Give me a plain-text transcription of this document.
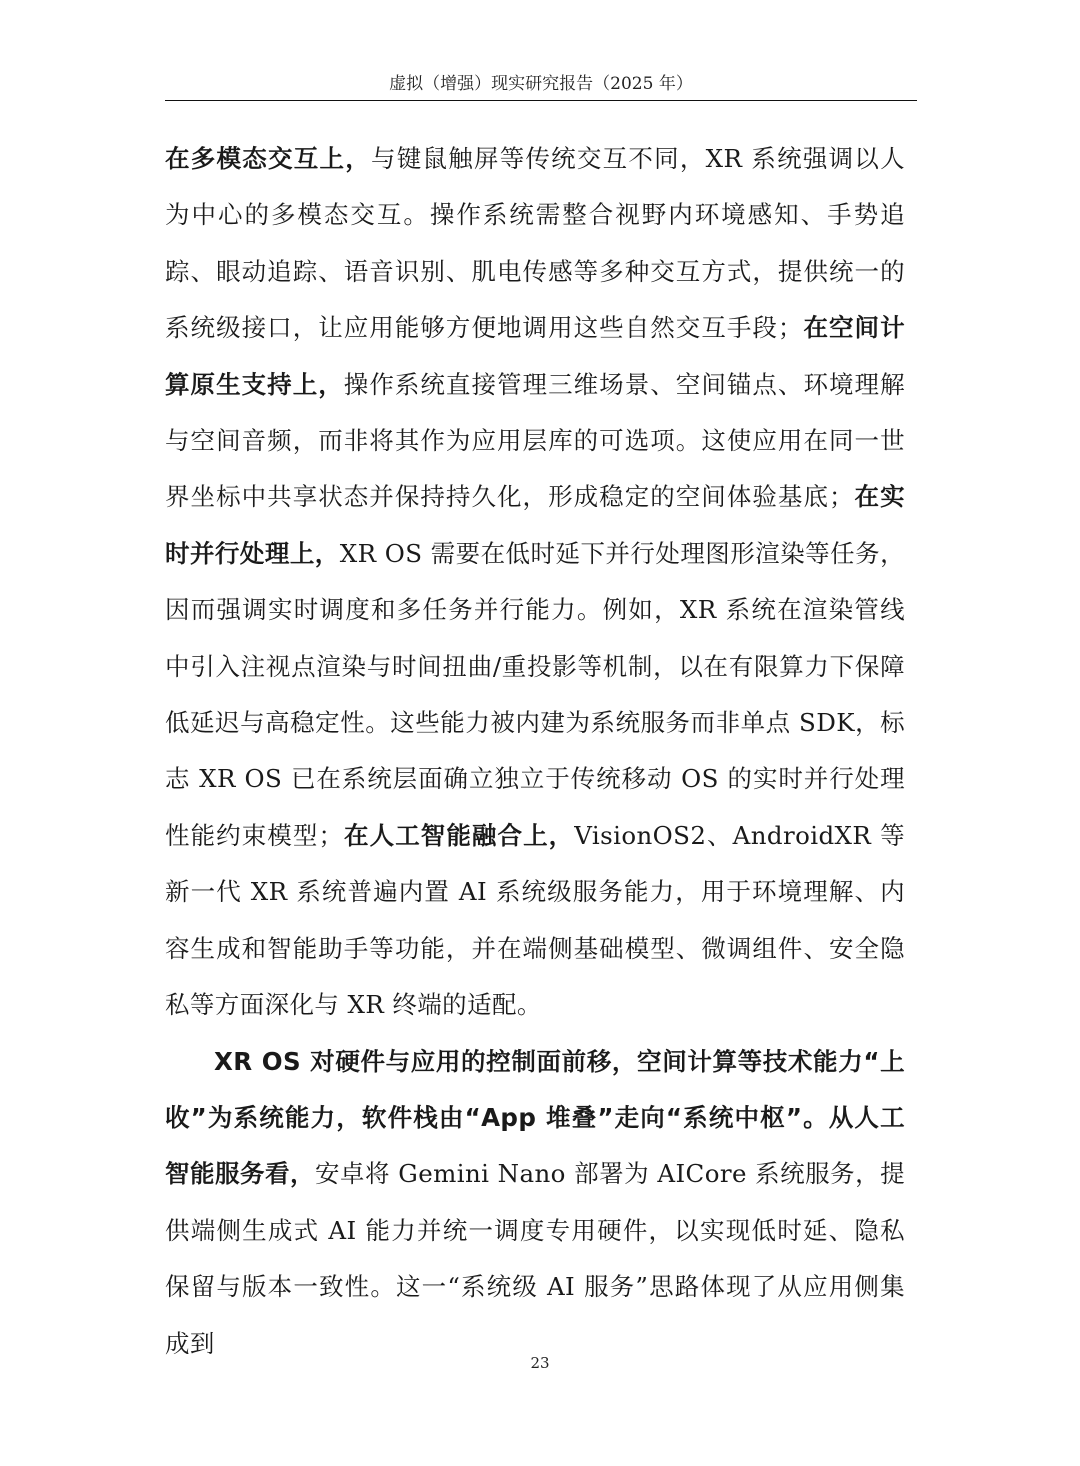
虚拟（增强）现实研究报告（2025 年）

在多模态交互上，与键鼠触屏等传统交互不同，XR 系统强调以人为中心的多模态交互。操作系统需整合视野内环境感知、手势追踪、眼动追踪、语音识别、肌电传感等多种交互方式，提供统一的系统级接口，让应用能够方便地调用这些自然交互手段；在空间计算原生支持上，操作系统直接管理三维场景、空间锚点、环境理解与空间音频，而非将其作为应用层库的可选项。这使应用在同一世界坐标中共享状态并保持持久化，形成稳定的空间体验基底；在实时并行处理上，XR OS 需要在低时延下并行处理图形渲染等任务，因而强调实时调度和多任务并行能力。例如，XR 系统在渲染管线中引入注视点渲染与时间扭曲/重投影等机制，以在有限算力下保障低延迟与高稳定性。这些能力被内建为系统服务而非单点 SDK，标志 XR OS 已在系统层面确立独立于传统移动 OS 的实时并行处理性能约束模型；在人工智能融合上，VisionOS2、AndroidXR 等新一代 XR 系统普遍内置 AI 系统级服务能力，用于环境理解、内容生成和智能助手等功能，并在端侧基础模型、微调组件、安全隐私等方面深化与 XR 终端的适配。

XR OS 对硬件与应用的控制面前移，空间计算等技术能力“上收”为系统能力，软件栈由“App 堆叠”走向“系统中枢”。从人工智能服务看，安卓将 Gemini Nano 部署为 AICore 系统服务，提供端侧生成式 AI 能力并统一调度专用硬件，以实现低时延、隐私保留与版本一致性。这一“系统级 AI 服务”思路体现了从应用侧集成到

23
